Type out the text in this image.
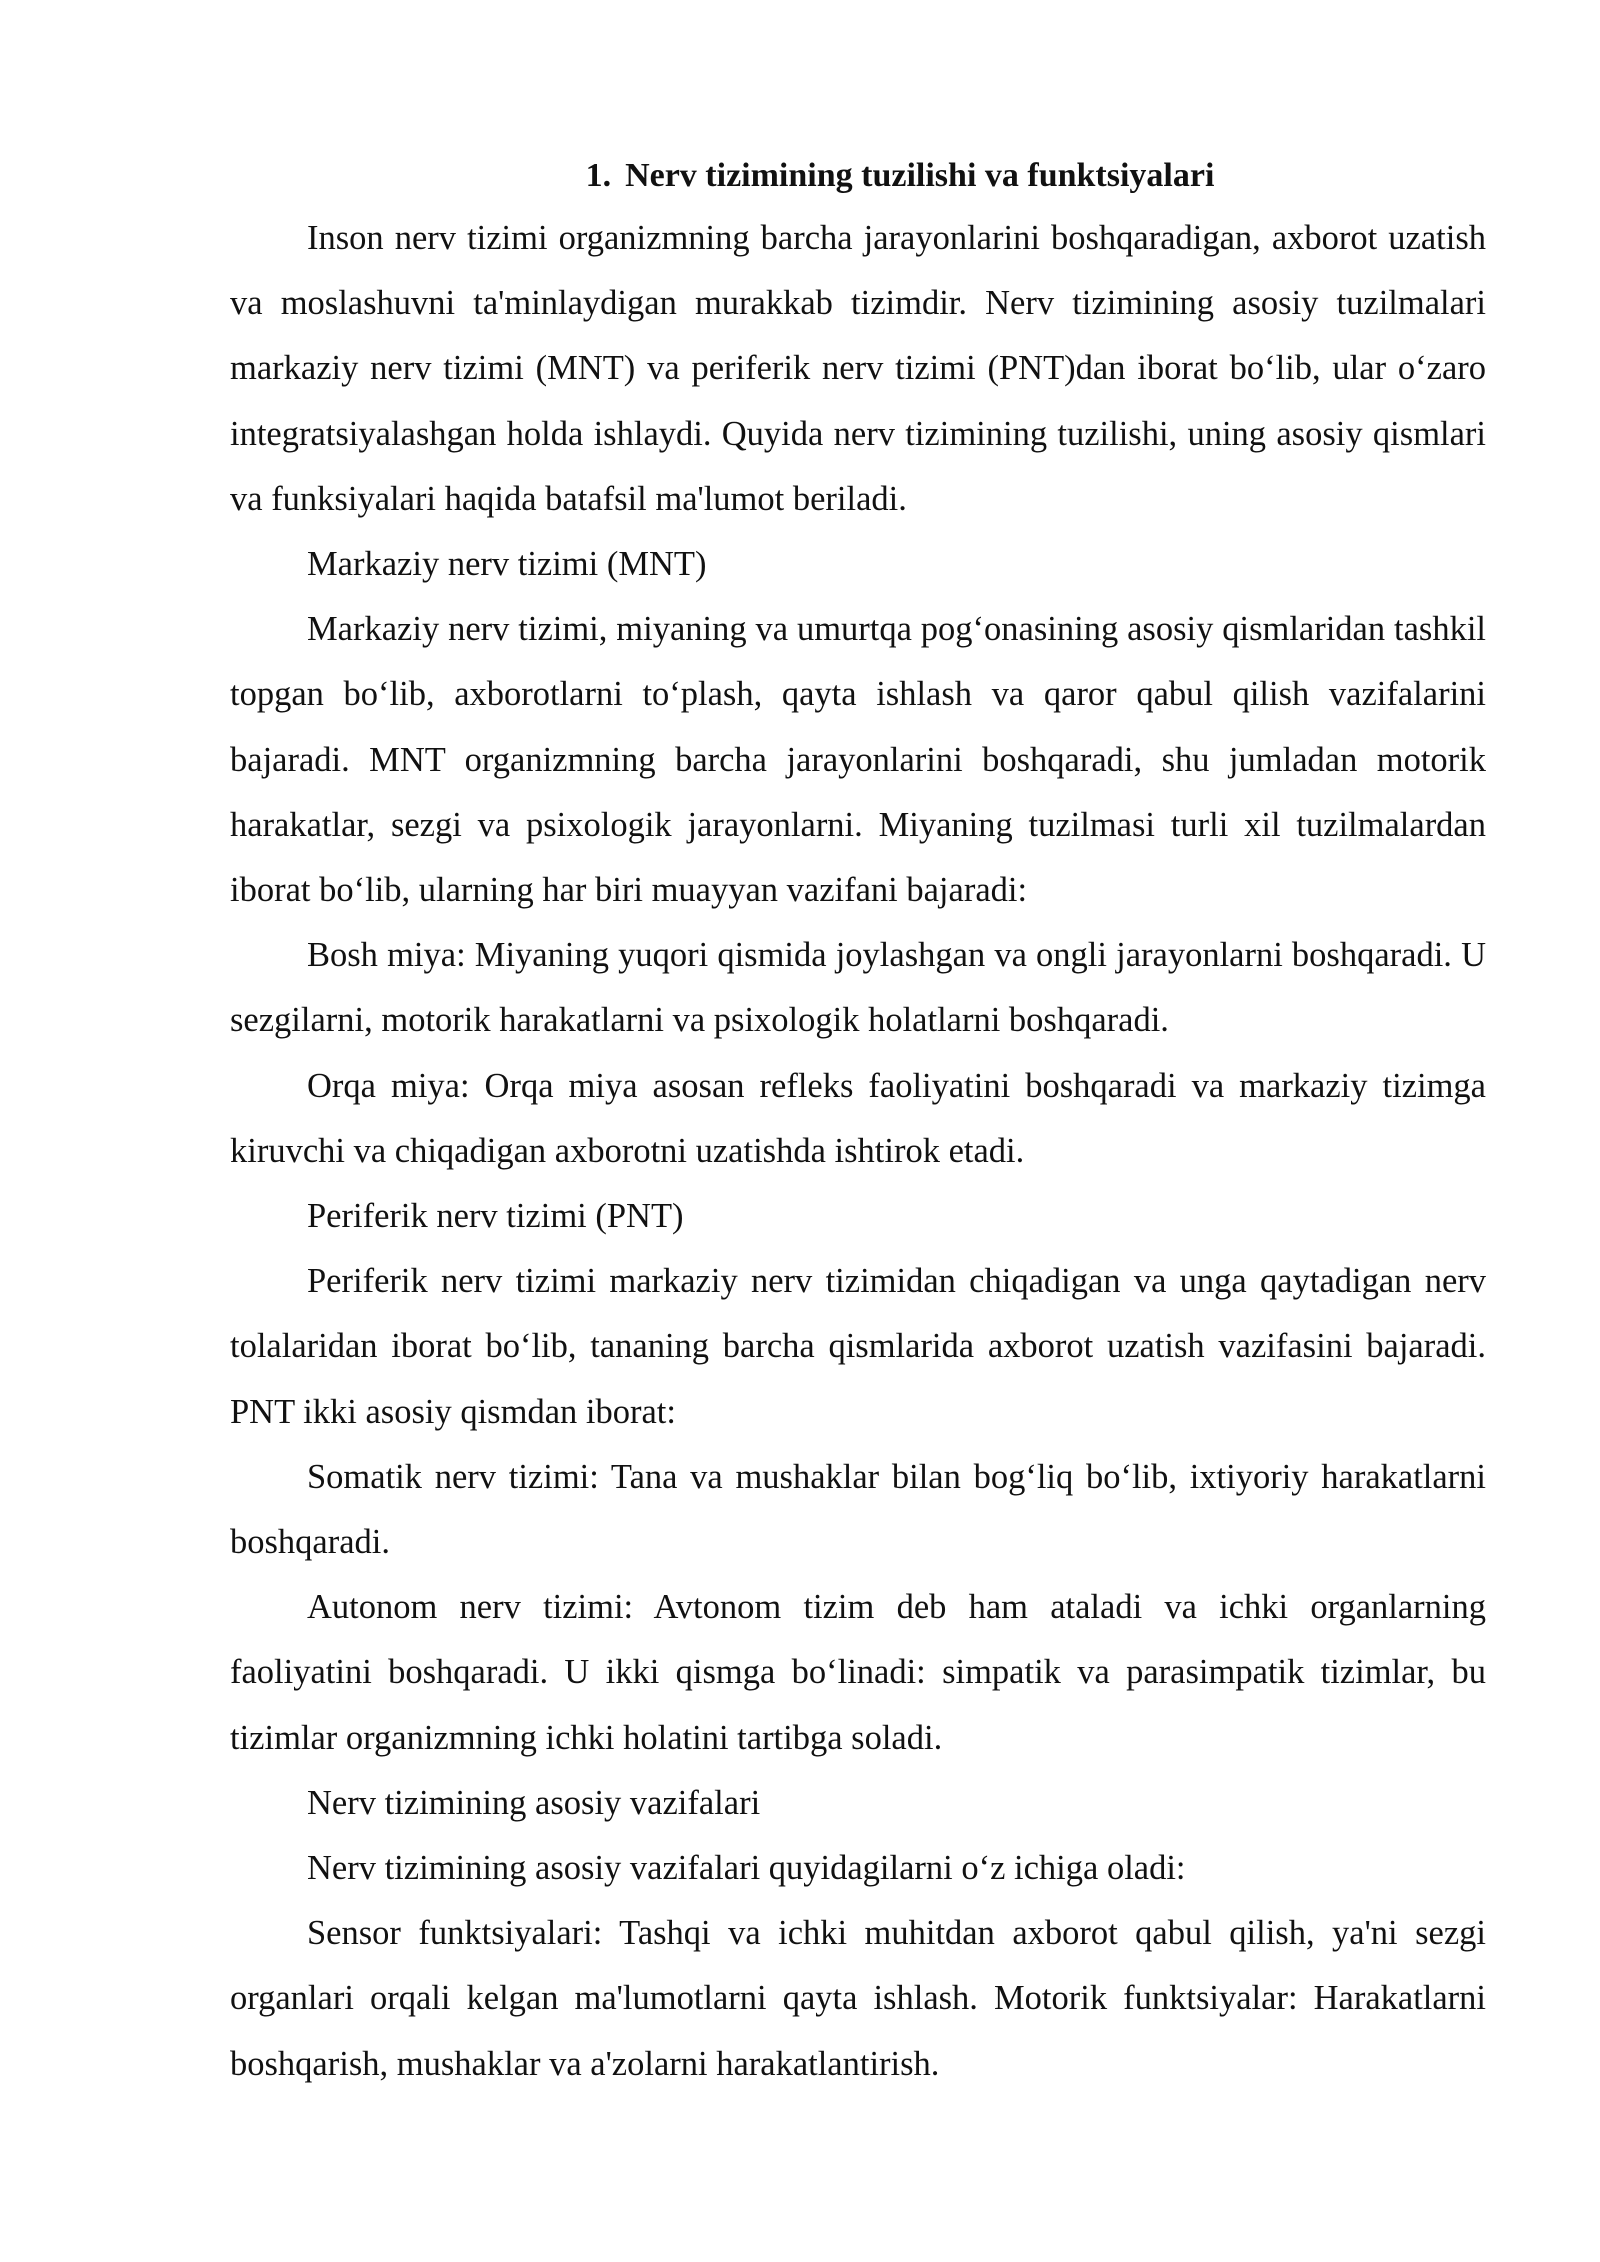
1. Nerv tizimining tuzilishi va funktsiyalari

Inson nerv tizimi organizmning barcha jarayonlarini boshqaradigan, axborot uzatish va moslashuvni ta'minlaydigan murakkab tizimdir. Nerv tizimining asosiy tuzilmalari markaziy nerv tizimi (MNT) va periferik nerv tizimi (PNT)dan iborat bo‘lib, ular o‘zaro integratsiyalashgan holda ishlaydi. Quyida nerv tizimining tuzilishi, uning asosiy qismlari va funksiyalari haqida batafsil ma'lumot beriladi.

Markaziy nerv tizimi (MNT)

Markaziy nerv tizimi, miyaning va umurtqa pog‘onasining asosiy qismlaridan tashkil topgan bo‘lib, axborotlarni to‘plash, qayta ishlash va qaror qabul qilish vazifalarini bajaradi. MNT organizmning barcha jarayonlarini boshqaradi, shu jumladan motorik harakatlar, sezgi va psixologik jarayonlarni. Miyaning tuzilmasi turli xil tuzilmalardan iborat bo‘lib, ularning har biri muayyan vazifani bajaradi:

Bosh miya: Miyaning yuqori qismida joylashgan va ongli jarayonlarni boshqaradi. U sezgilarni, motorik harakatlarni va psixologik holatlarni boshqaradi.

Orqa miya: Orqa miya asosan refleks faoliyatini boshqaradi va markaziy tizimga kiruvchi va chiqadigan axborotni uzatishda ishtirok etadi.

Periferik nerv tizimi (PNT)

Periferik nerv tizimi markaziy nerv tizimidan chiqadigan va unga qaytadigan nerv tolalaridan iborat bo‘lib, tananing barcha qismlarida axborot uzatish vazifasini bajaradi. PNT ikki asosiy qismdan iborat:

Somatik nerv tizimi: Tana va mushaklar bilan bog‘liq bo‘lib, ixtiyoriy harakatlarni boshqaradi.

Autonom nerv tizimi: Avtonom tizim deb ham ataladi va ichki organlarning faoliyatini boshqaradi. U ikki qismga bo‘linadi: simpatik va parasimpatik tizimlar, bu tizimlar organizmning ichki holatini tartibga soladi.

Nerv tizimining asosiy vazifalari

Nerv tizimining asosiy vazifalari quyidagilarni o‘z ichiga oladi:

Sensor funktsiyalari: Tashqi va ichki muhitdan axborot qabul qilish, ya'ni sezgi organlari orqali kelgan ma'lumotlarni qayta ishlash. Motorik funktsiyalar: Harakatlarni boshqarish, mushaklar va a'zolarni harakatlantirish.
